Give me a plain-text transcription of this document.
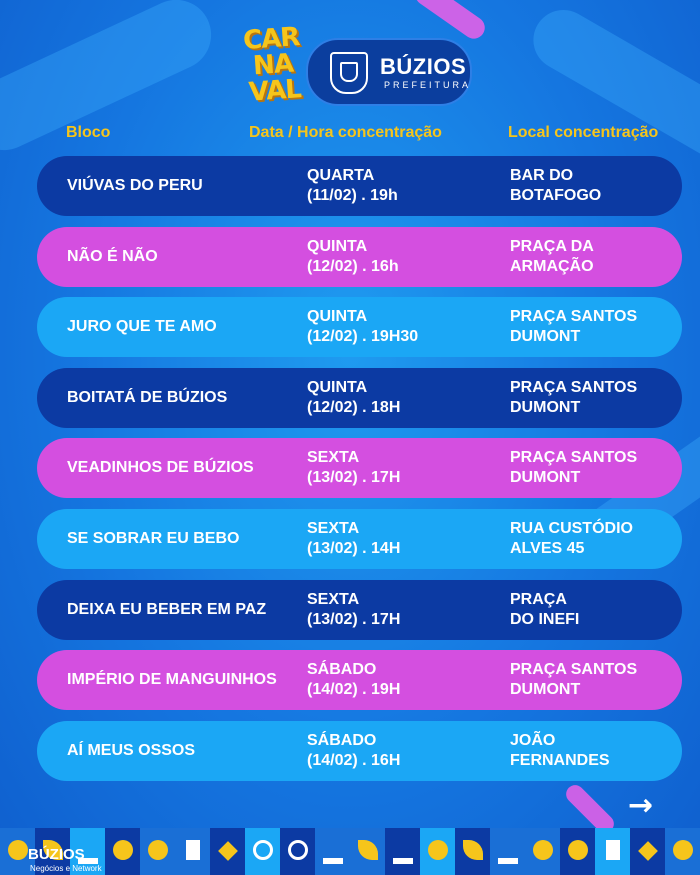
CAR
NA
VAL
BÚZIOS
PREFEITURA
Bloco	Data / Hora concentração	Local concentração
VIÚVAS DO PERU
QUARTA
(11/02) . 19h
BAR DO
BOTAFOGO
NÃO É NÃO
QUINTA
(12/02) . 16h
PRAÇA DA
ARMAÇÃO
JURO QUE TE AMO
QUINTA
(12/02) . 19H30
PRAÇA SANTOS
DUMONT
BOITATÁ DE BÚZIOS
QUINTA
(12/02) . 18H
PRAÇA SANTOS
DUMONT
VEADINHOS DE BÚZIOS
SEXTA
(13/02) . 17H
PRAÇA SANTOS
DUMONT
SE SOBRAR EU BEBO
SEXTA
(13/02) . 14H
RUA CUSTÓDIO
ALVES 45
DEIXA EU BEBER EM PAZ
SEXTA
(13/02) . 17H
PRAÇA
DO INEFI
IMPÉRIO DE MANGUINHOS
SÁBADO
(14/02) . 19H
PRAÇA SANTOS
DUMONT
AÍ MEUS OSSOS
SÁBADO
(14/02) . 16H
JOÃO
FERNANDES
→
BÚZIOS
Negócios e Network
